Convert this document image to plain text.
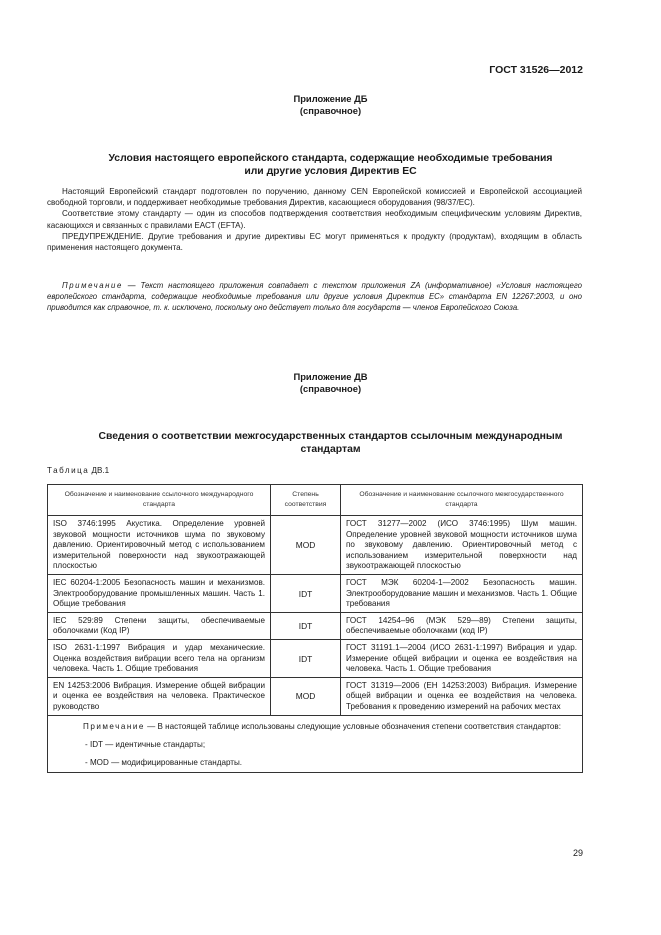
ГОСТ 31526—2012
Приложение ДБ
(справочное)
Условия настоящего европейского стандарта, содержащие необходимые требования
или другие условия Директив ЕС

Настоящий Европейский стандарт подготовлен по поручению, данному CEN Европейской комиссией и Европейской ассоциацией свободной торговли, и поддерживает необходимые требования Директив, касающиеся оборудования (98/37/EC).

Соответствие этому стандарту — один из способов подтверждения соответствия необходимым специфическим условиям Директив, касающихся и связанных с правилами ЕАСТ (EFTA).

ПРЕДУПРЕЖДЕНИЕ. Другие требования и другие директивы ЕС могут применяться к продукту (продуктам), входящим в область применения настоящего документа.

Примечание — Текст настоящего приложения совпадает с текстом приложения ZA (информативное) «Условия настоящего европейского стандарта, содержащие необходимые требования или другие условия Директив ЕС» стандарта EN 12267:2003, и оно приводится как справочное, т. к. исключено, поскольку оно действует только для государств — членов Европейского Союза.
Приложение ДВ
(справочное)
Сведения о соответствии межгосударственных стандартов ссылочным международным
стандартам
Таблица ДВ.1
Обозначение и наименование ссылочного международного стандарта	Степень соответствия	Обозначение и наименование ссылочного межгосударственного стандарта
ISO 3746:1995 Акустика. Определение уровней звуковой мощности источников шума по звуковому давлению. Ориентировочный метод с использованием измерительной поверхности над звукоотражающей плоскостью	MOD	ГОСТ 31277—2002 (ИСО 3746:1995) Шум машин. Определение уровней звуковой мощности источников шума по звуковому давлению. Ориентировочный метод с использованием измерительной поверхности над звукоотражающей плоскостью
IEC 60204-1:2005 Безопасность машин и механизмов. Электрооборудование промышленных машин. Часть 1. Общие требования	IDT	ГОСТ МЭК 60204-1—2002 Безопасность машин. Электрооборудование машин и механизмов. Часть 1. Общие требования
IEC 529:89 Степени защиты, обеспечиваемые оболочками (Код IP)	IDT	ГОСТ 14254–96 (МЭК 529—89) Степени защиты, обеспечиваемые оболочками (код IP)
ISO 2631-1:1997 Вибрация и удар механические. Оценка воздействия вибрации всего тела на организм человека. Часть 1. Общие требования	IDT	ГОСТ 31191.1—2004 (ИСО 2631-1:1997) Вибрация и удар. Измерение общей вибрации и оценка ее воздействия на человека. Часть 1. Общие требования
EN 14253:2006 Вибрация. Измерение общей вибрации и оценка ее воздействия на человека. Практическое руководство	MOD	ГОСТ 31319—2006 (ЕН 14253:2003) Вибрация. Измерение общей вибрации и оценка ее воздействия на человека. Требования к проведению измерений на рабочих местах

Примечание — В настоящей таблице использованы следующие условные обозначения степени соответствия стандартов:
- IDT — идентичные стандарты;
- MOD — модифицированные стандарты.		
29
